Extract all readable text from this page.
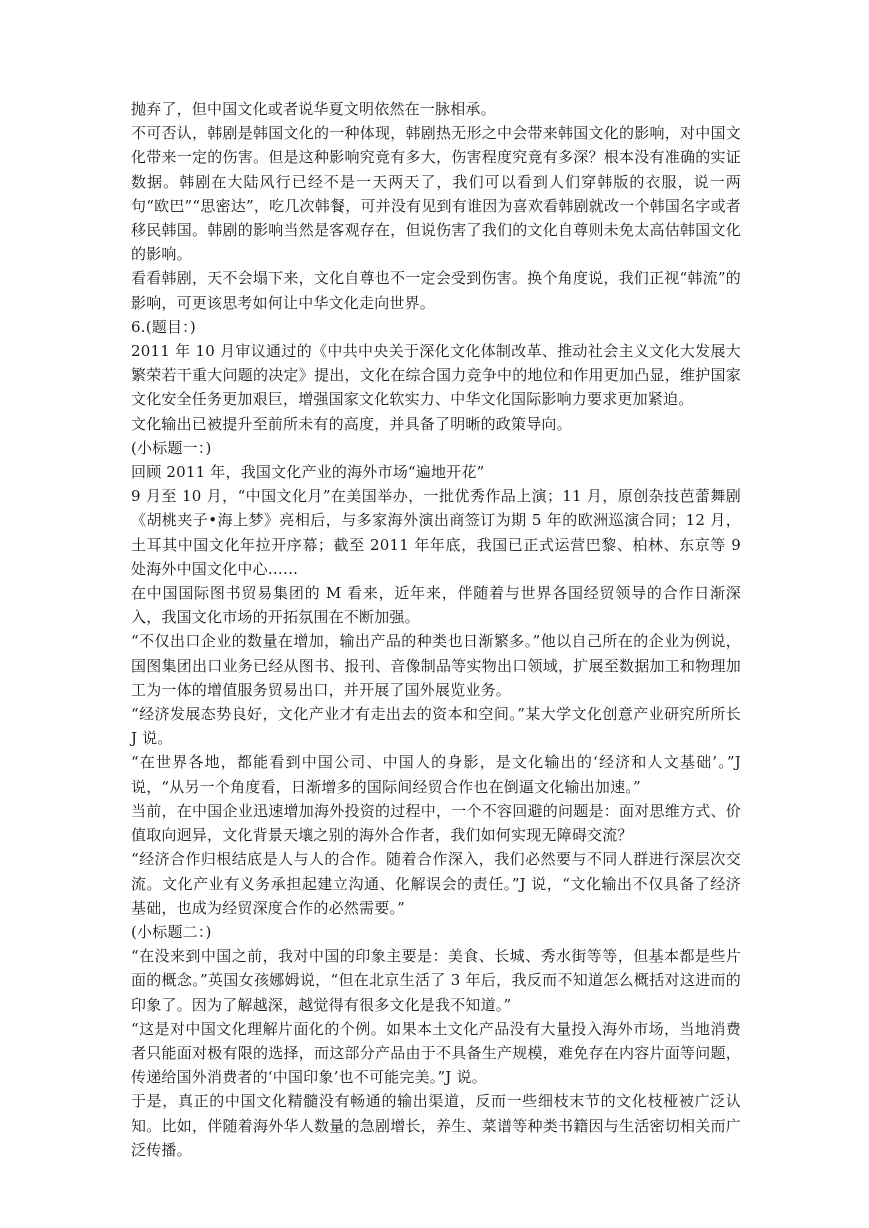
抛弃了，但中国文化或者说华夏文明依然在一脉相承。

不可否认，韩剧是韩国文化的一种体现，韩剧热无形之中会带来韩国文化的影响，对中国文化带来一定的伤害。但是这种影响究竟有多大，伤害程度究竟有多深？根本没有准确的实证数据。韩剧在大陆风行已经不是一天两天了，我们可以看到人们穿韩版的衣服，说一两句“欧巴”“思密达”，吃几次韩餐，可并没有见到有谁因为喜欢看韩剧就改一个韩国名字或者移民韩国。韩剧的影响当然是客观存在，但说伤害了我们的文化自尊则未免太高估韩国文化的影响。

看看韩剧，天不会塌下来，文化自尊也不一定会受到伤害。换个角度说，我们正视“韩流”的影响，可更该思考如何让中华文化走向世界。

6.(题目：)

2011 年 10 月审议通过的《中共中央关于深化文化体制改革、推动社会主义文化大发展大繁荣若干重大问题的决定》提出，文化在综合国力竞争中的地位和作用更加凸显，维护国家文化安全任务更加艰巨，增强国家文化软实力、中华文化国际影响力要求更加紧迫。

文化输出已被提升至前所未有的高度，并具备了明晰的政策导向。

(小标题一：)

回顾 2011 年，我国文化产业的海外市场“遍地开花”

9 月至 10 月，“中国文化月”在美国举办，一批优秀作品上演；11 月，原创杂技芭蕾舞剧《胡桃夹子•海上梦》亮相后，与多家海外演出商签订为期 5 年的欧洲巡演合同；12 月，土耳其中国文化年拉开序幕；截至 2011 年年底，我国已正式运营巴黎、柏林、东京等 9 处海外中国文化中心……

在中国国际图书贸易集团的 M 看来，近年来，伴随着与世界各国经贸领导的合作日渐深入，我国文化市场的开拓氛围在不断加强。

“不仅出口企业的数量在增加，输出产品的种类也日渐繁多。”他以自己所在的企业为例说，国图集团出口业务已经从图书、报刊、音像制品等实物出口领域，扩展至数据加工和物理加工为一体的增值服务贸易出口，并开展了国外展览业务。

“经济发展态势良好，文化产业才有走出去的资本和空间。”某大学文化创意产业研究所所长 J 说。

“在世界各地，都能看到中国公司、中国人的身影，是文化输出的‘经济和人文基础’。”J 说，“从另一个角度看，日渐增多的国际间经贸合作也在倒逼文化输出加速。”

当前，在中国企业迅速增加海外投资的过程中，一个不容回避的问题是：面对思维方式、价值取向迥异，文化背景天壤之别的海外合作者，我们如何实现无障碍交流？

“经济合作归根结底是人与人的合作。随着合作深入，我们必然要与不同人群进行深层次交流。文化产业有义务承担起建立沟通、化解误会的责任。”J 说，“文化输出不仅具备了经济基础，也成为经贸深度合作的必然需要。”

(小标题二：)

“在没来到中国之前，我对中国的印象主要是：美食、长城、秀水街等等，但基本都是些片面的概念。”英国女孩娜姆说，“但在北京生活了 3 年后，我反而不知道怎么概括对这进而的印象了。因为了解越深，越觉得有很多文化是我不知道。”

“这是对中国文化理解片面化的个例。如果本土文化产品没有大量投入海外市场，当地消费者只能面对极有限的选择，而这部分产品由于不具备生产规模，难免存在内容片面等问题，传递给国外消费者的‘中国印象’也不可能完美。”J 说。

于是，真正的中国文化精髓没有畅通的输出渠道，反而一些细枝末节的文化枝桠被广泛认知。比如，伴随着海外华人数量的急剧增长，养生、菜谱等种类书籍因与生活密切相关而广泛传播。
